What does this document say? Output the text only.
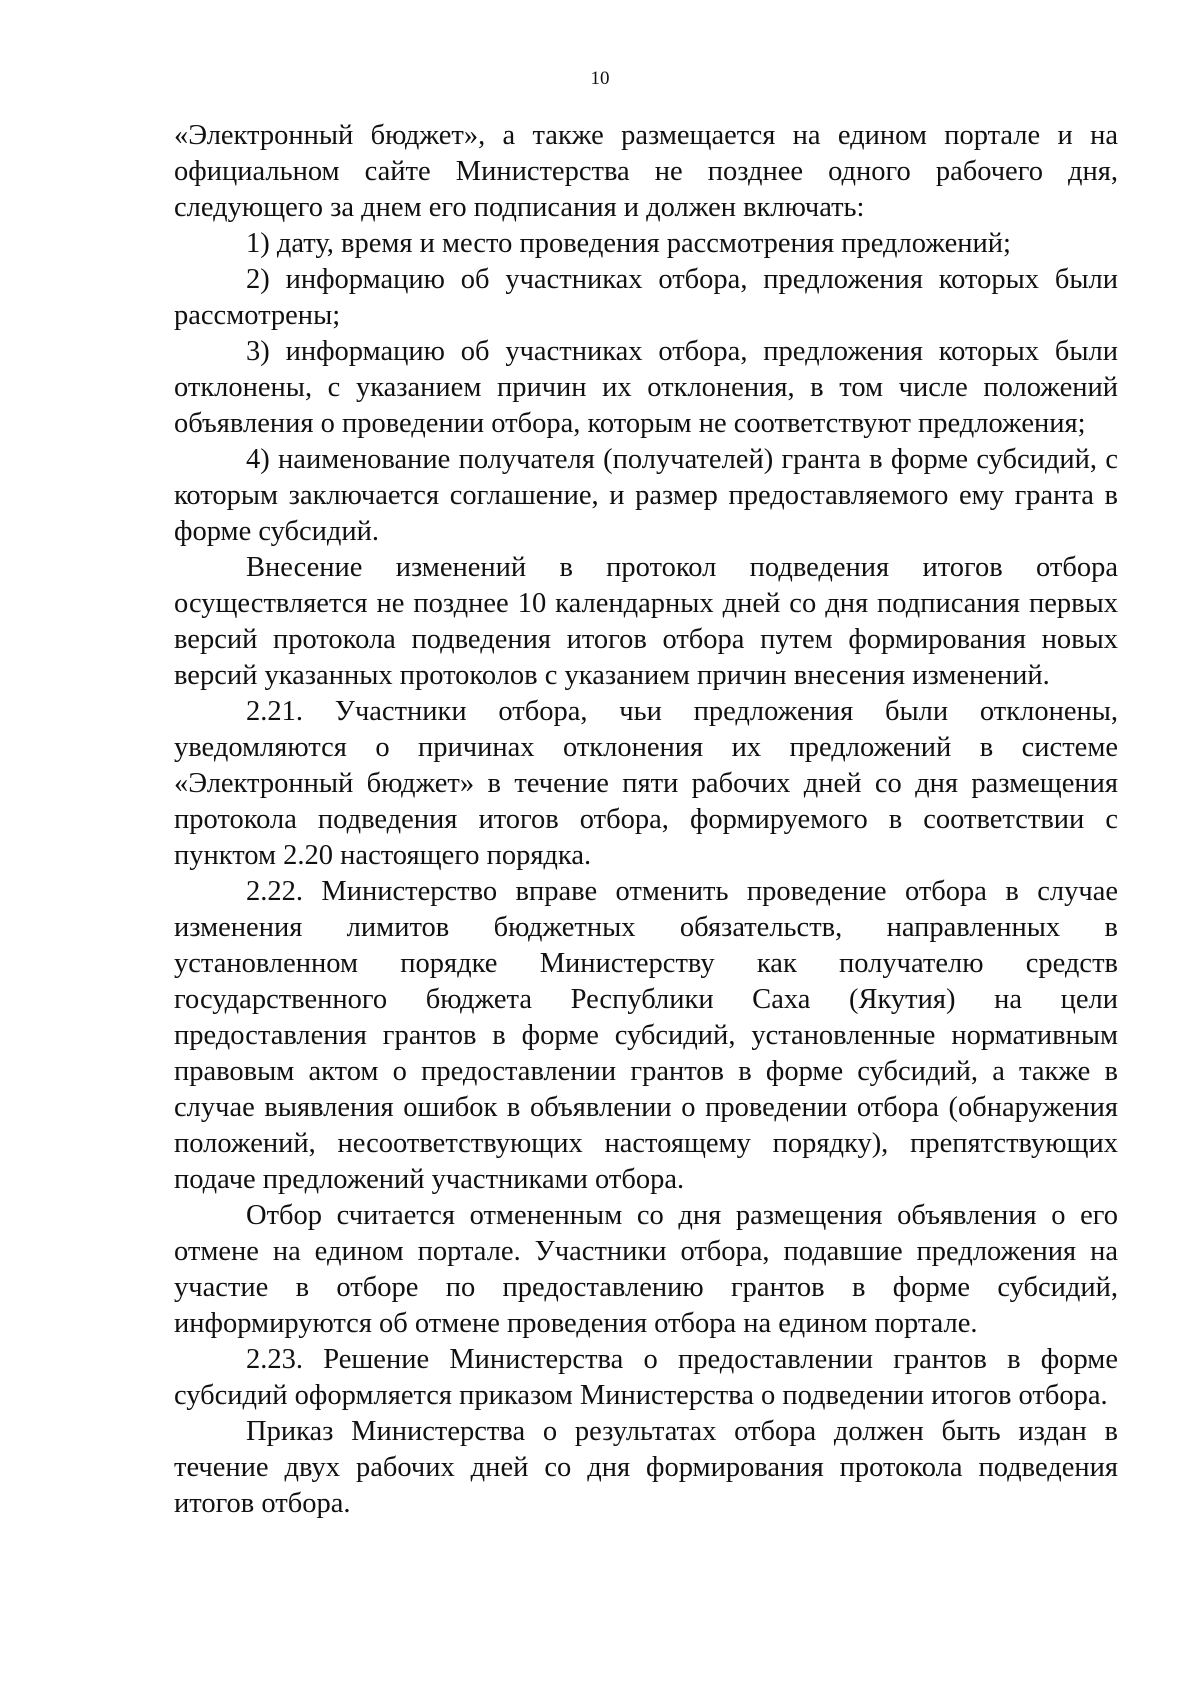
10

«Электронный бюджет», а также размещается на едином портале и на официальном сайте Министерства не позднее одного рабочего дня, следующего за днем его подписания и должен включать:

1) дату, время и место проведения рассмотрения предложений;

2) информацию об участниках отбора, предложения которых были рассмотрены;

3) информацию об участниках отбора, предложения которых были отклонены, с указанием причин их отклонения, в том числе положений объявления о проведении отбора, которым не соответствуют предложения;

4) наименование получателя (получателей) гранта в форме субсидий, с которым заключается соглашение, и размер предоставляемого ему гранта в форме субсидий.

Внесение изменений в протокол подведения итогов отбора осуществляется не позднее 10 календарных дней со дня подписания первых версий протокола подведения итогов отбора путем формирования новых версий указанных протоколов с указанием причин внесения изменений.

2.21. Участники отбора, чьи предложения были отклонены, уведомляются о причинах отклонения их предложений в системе «Электронный бюджет» в течение пяти рабочих дней со дня размещения протокола подведения итогов отбора, формируемого в соответствии с пунктом 2.20 настоящего порядка.

2.22. Министерство вправе отменить проведение отбора в случае изменения лимитов бюджетных обязательств, направленных в установленном порядке Министерству как получателю средств государственного бюджета Республики Саха (Якутия) на цели предоставления грантов в форме субсидий, установленные нормативным правовым актом о предоставлении грантов в форме субсидий, а также в случае выявления ошибок в объявлении о проведении отбора (обнаружения положений, несоответствующих настоящему порядку), препятствующих подаче предложений участниками отбора.

Отбор считается отмененным со дня размещения объявления о его отмене на едином портале. Участники отбора, подавшие предложения на участие в отборе по предоставлению грантов в форме субсидий, информируются об отмене проведения отбора на едином портале.

2.23. Решение Министерства о предоставлении грантов в форме субсидий оформляется приказом Министерства о подведении итогов отбора.

Приказ Министерства о результатах отбора должен быть издан в течение двух рабочих дней со дня формирования протокола подведения итогов отбора.
